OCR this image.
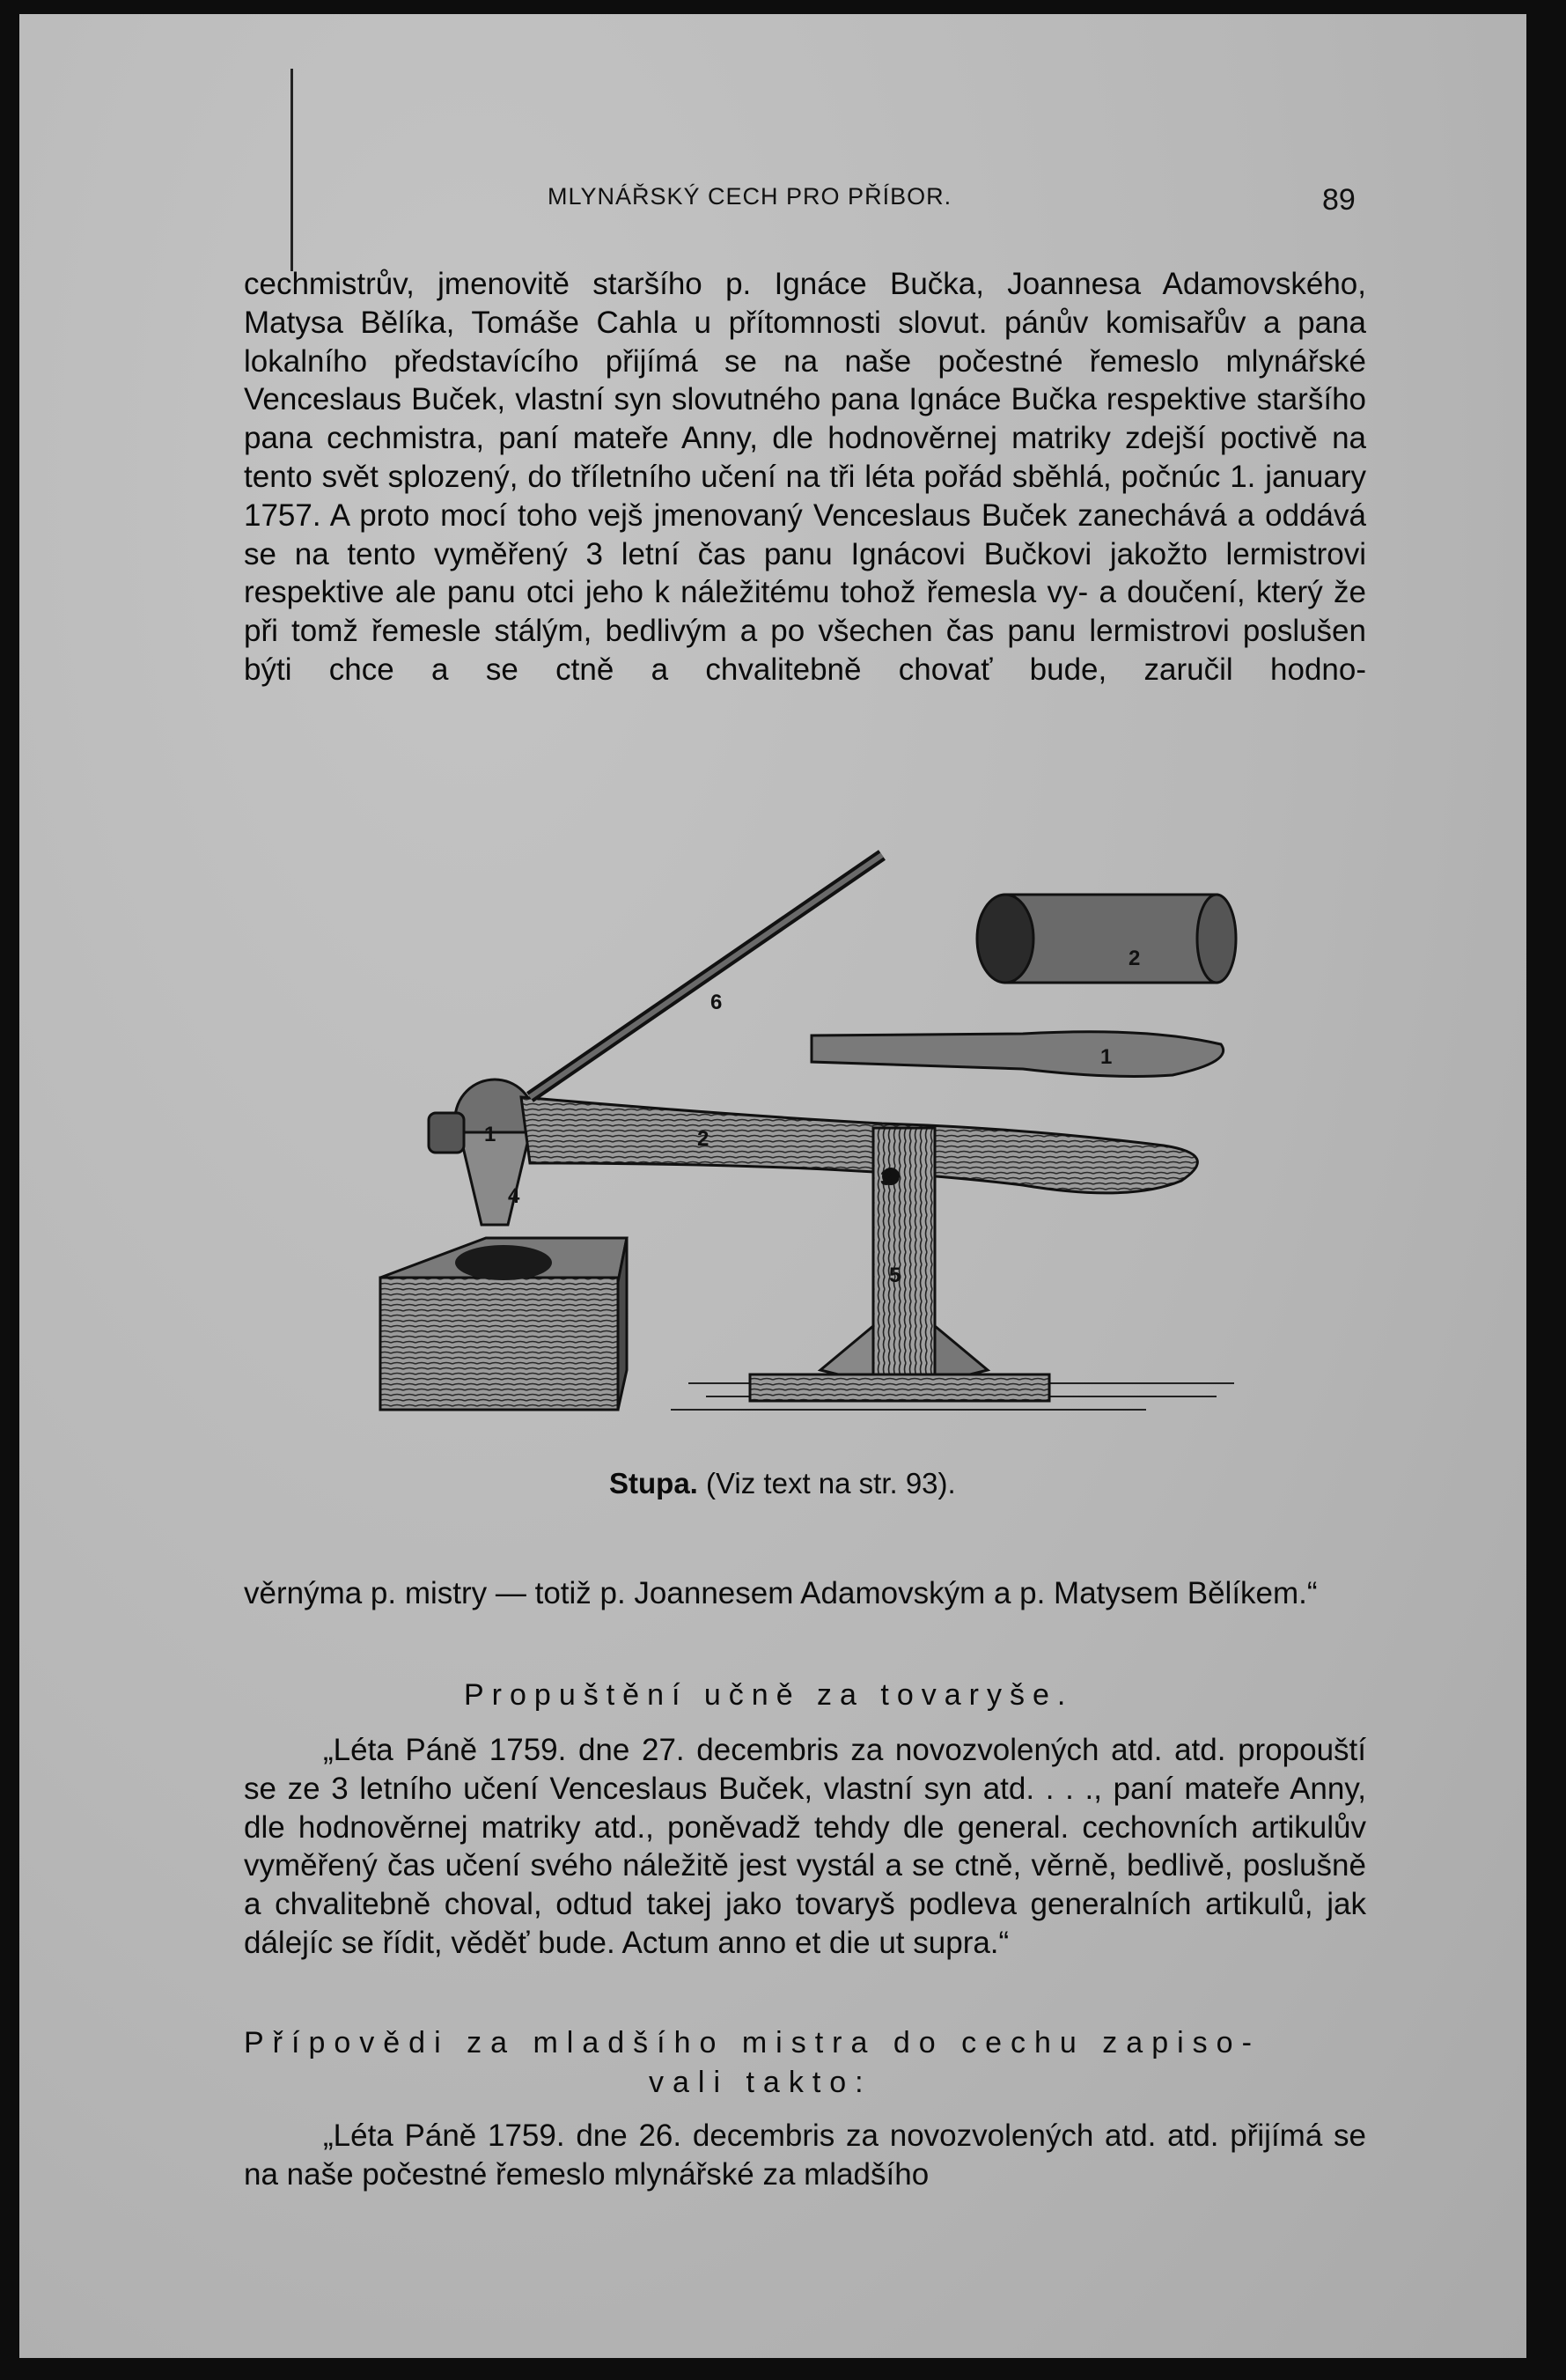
MLYNÁŘSKÝ CECH PRO PŘÍBOR.	89

cechmistrův, jmenovitě staršího p. Ignáce Bučka, Joannesa Adamovského, Matysa Bělíka, Tomáše Cahla u přítomnosti slovut. pánův komisařův a pana lokalního představícího přijímá se na naše počestné řemeslo mlynářské Venceslaus Buček, vlastní syn slovutného pana Ignáce Bučka respektive staršího pana cechmistra, paní mateře Anny, dle hodnověrnej matriky zdejší poctivě na tento svět splozený, do tříletního učení na tři léta pořád sběhlá, počnúc 1. january 1757. A proto mocí toho vejš jmenovaný Venceslaus Buček zanechává a oddává se na tento vyměřený 3 letní čas panu Ignácovi Bučkovi jakožto lermistrovi respektive ale panu otci jeho k náležitému tohož řemesla vy- a doučení, který že při tomž řemesle stálým, bedlivým a po všechen čas panu lermistrovi poslušen býti chce a se ctně a chvalitebně chovať bude, zaručil hodno-

1	2
3
4
5
6
1
2
Stupa. (Viz text na str. 93).

věrnýma p. mistry — totiž p. Joannesem Adamovským a p. Matysem Bělíkem.“

Propuštění učně za tovaryše.

„Léta Páně 1759. dne 27. decembris za novozvolených atd. atd. propouští se ze 3 letního učení Venceslaus Buček, vlastní syn atd. . . ., paní mateře Anny, dle hodnověrnej matriky atd., poněvadž tehdy dle general. cechovních artikulův vyměřený čas učení svého náležitě jest vystál a se ctně, věrně, bedlivě, poslušně a chvalitebně choval, odtud takej jako tovaryš podleva generalních artikulů, jak dálejíc se řídit, věděť bude. Actum anno et die ut supra.“

Přípovědi za mladšího mistra do cechu zapiso-
vali takto:

„Léta Páně 1759. dne 26. decembris za novozvolených atd. atd. přijímá se na naše počestné řemeslo mlynářské za mladšího
